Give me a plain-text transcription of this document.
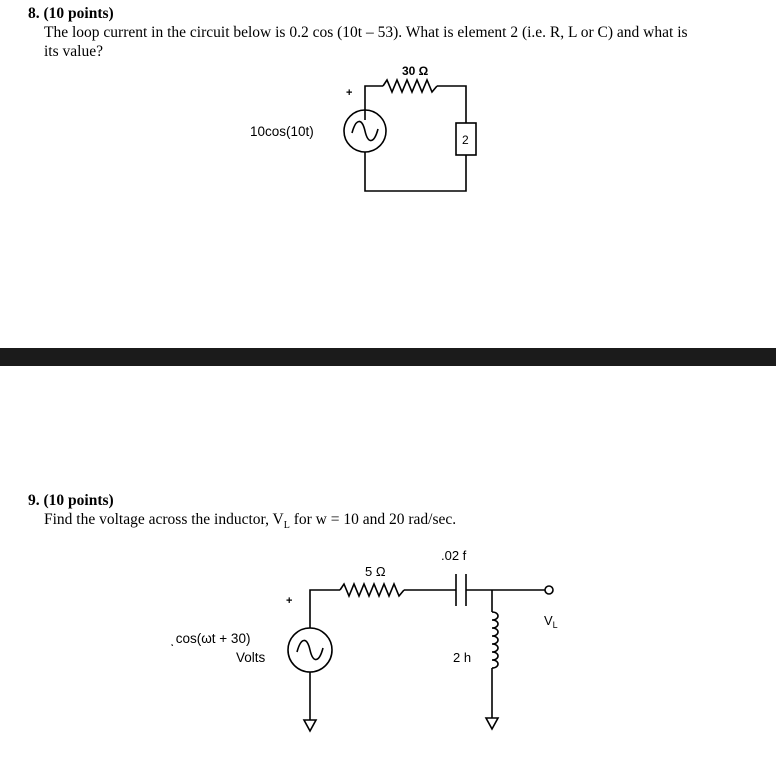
8. (10 points)
The loop current in the circuit below is 0.2 cos (10t – 53). What is element 2 (i.e. R, L or C) and what is
its value?
30 Ω
+
10cos(10t)
2
9. (10 points)
Find the voltage across the inductor, $V_L$ for w = 10 and 20 rad/sec.
5 Ω
.02 f
2 h
+
ͅ cos(ωt + 30)
Volts
$V_L$
